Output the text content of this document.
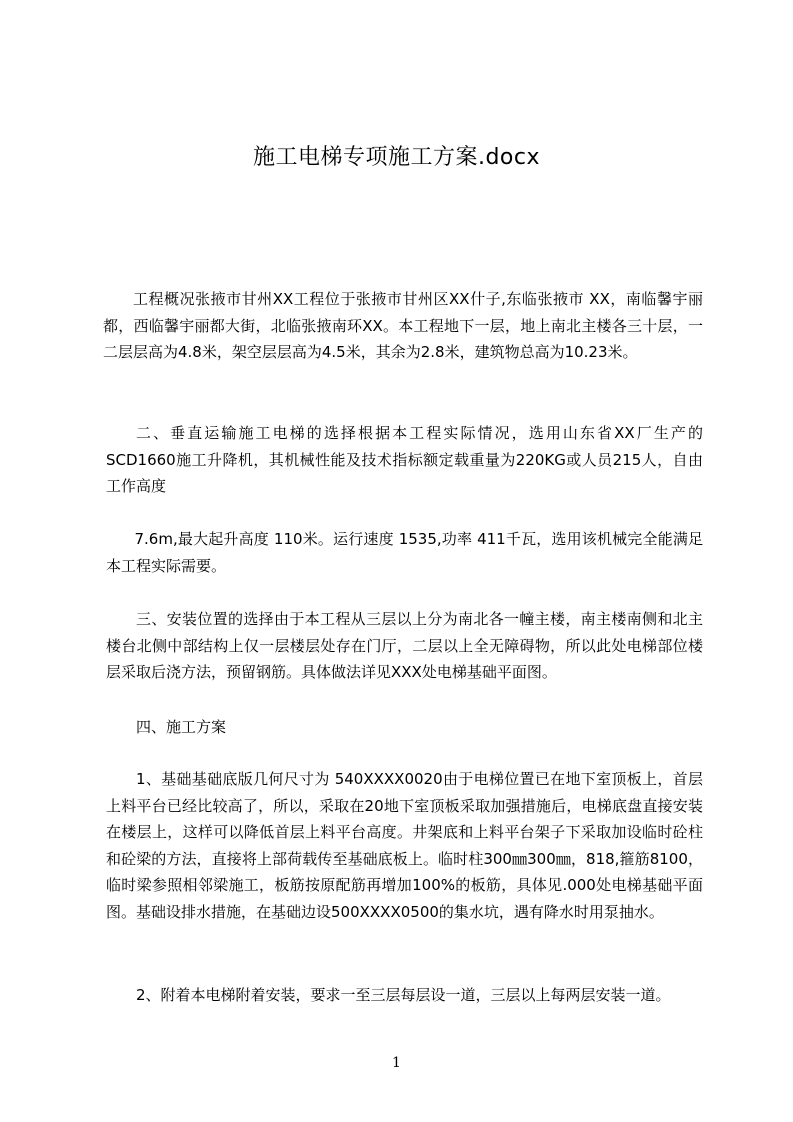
施工电梯专项施工方案.docx
工程概况张掖市甘州XX工程位于张掖市甘州区XX什子,东临张掖市 XX，南临馨宇丽都，西临馨宇丽都大街，北临张掖南环XX。本工程地下一层，地上南北主楼各三十层，一二层层高为4.8米，架空层层高为4.5米，其余为2.8米，建筑物总高为10.23米。
二、垂直运输施工电梯的选择根据本工程实际情况，选用山东省XX厂生产的SCD1660施工升降机，其机械性能及技术指标额定载重量为220KG或人员215人，自由工作高度
7.6m,最大起升高度 110米。运行速度 1535,功率 411千瓦，选用该机械完全能满足本工程实际需要。
三、安装位置的选择由于本工程从三层以上分为南北各一幢主楼，南主楼南侧和北主楼台北侧中部结构上仅一层楼层处存在门厅，二层以上全无障碍物，所以此处电梯部位楼层采取后浇方法，预留钢筋。具体做法详见XXX处电梯基础平面图。
四、施工方案
1、基础基础底版几何尺寸为 540XXXX0020由于电梯位置已在地下室顶板上，首层上料平台已经比较高了，所以，采取在20地下室顶板采取加强措施后，电梯底盘直接安装在楼层上，这样可以降低首层上料平台高度。井架底和上料平台架子下采取加设临时砼柱和砼梁的方法，直接将上部荷载传至基础底板上。临时柱300㎜300㎜，818,箍筋8100，临时梁参照相邻梁施工，板筋按原配筋再增加100%的板筋，具体见.000处电梯基础平面图。基础设排水措施，在基础边设500XXXX0500的集水坑，遇有降水时用泵抽水。
2、附着本电梯附着安装，要求一至三层每层设一道，三层以上每两层安装一道。
1
